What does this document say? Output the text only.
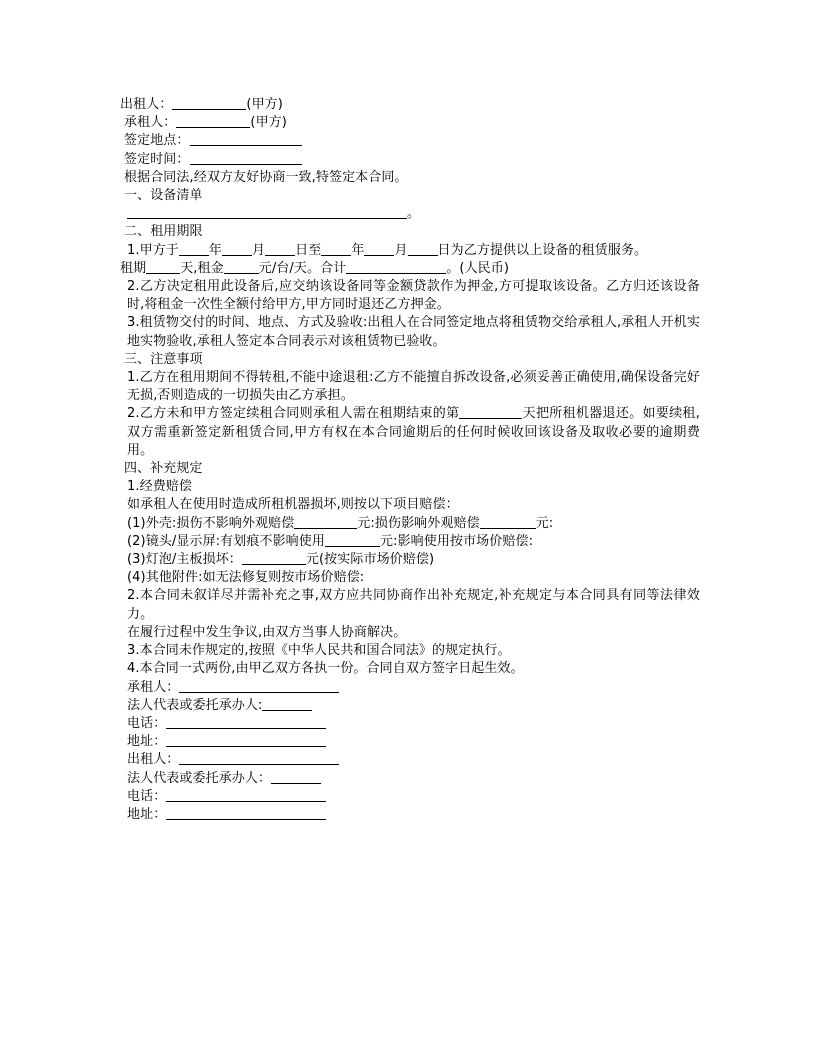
出租人：	(甲方)
承租人：	(甲方)
签定地点：
签定时间：
根据合同法,经双方友好协商一致,特签定本合同。
一、设备清单
。
二、租用期限
1.甲方于 年 月 日至 年 月 日为乙方提供以上设备的租赁服务。
租期	天,租金	元/台/天。合计	。(人民币)
2.乙方决定租用此设备后,应交纳该设备同等金额贷款作为押金,方可提取该设备。乙方归还该设备时,将租金一次性全额付给甲方,甲方同时退还乙方押金。
3.租赁物交付的时间、地点、方式及验收:出租人在合同签定地点将租赁物交给承租人,承租人开机实地实物验收,承租人签定本合同表示对该租赁物已验收。
三、注意事项
1.乙方在租用期间不得转租,不能中途退租:乙方不能擅自拆改设备,必须妥善正确使用,确保设备完好无损,否则造成的一切损失由乙方承担。
2.乙方未和甲方签定续租合同则承租人需在租期结束的第	天把所租机器退还。如要续租,双方需重新签定新租赁合同,甲方有权在本合同逾期后的任何时候收回该设备及取收必要的逾期费用。
四、补充规定
1.经费赔偿
如承租人在使用时造成所租机器损坏,则按以下项目赔偿：
(1)外壳:损伤不影响外观赔偿	元:损伤影响外观赔偿	元:
(2)镜头/显示屏:有划痕不影响使用	元:影响使用按市场价赔偿:
(3)灯泡/主板损坏：	元(按实际市场价赔偿)
(4)其他附件:如无法修复则按市场价赔偿:
2.本合同未叙详尽并需补充之事,双方应共同协商作出补充规定,补充规定与本合同具有同等法律效力。
在履行过程中发生争议,由双方当事人协商解决。
3.本合同未作规定的,按照《中华人民共和国合同法》的规定执行。
4.本合同一式两份,由甲乙双方各执一份。合同自双方签字日起生效。
承租人：
法人代表或委托承办人:
电话：
地址：
出租人：
法人代表或委托承办人：
电话：
地址：
